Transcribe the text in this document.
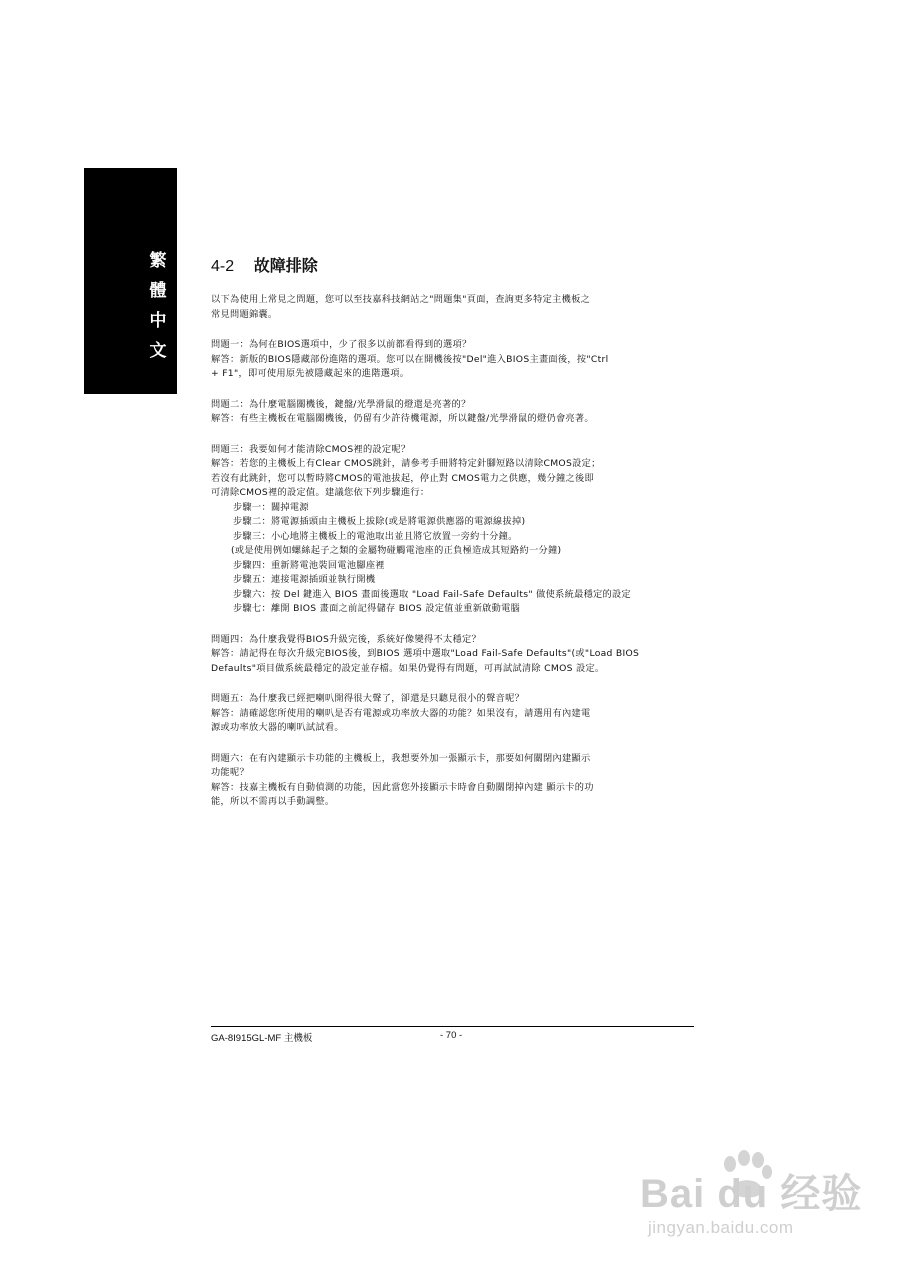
繁
體
中
文
4-2 故障排除

以下為使用上常見之問題，您可以至技嘉科技網站之"問題集"頁面，查詢更多特定主機板之

常見問題錦囊。

問題一：為何在BIOS選項中，少了很多以前都看得到的選項？

解答：新版的BIOS隱藏部份進階的選項。您可以在開機後按"Del"進入BIOS主畫面後，按"Ctrl

+ F1"，即可使用原先被隱藏起來的進階選項。

問題二：為什麼電腦關機後，鍵盤/光學滑鼠的燈還是亮著的？

解答：有些主機板在電腦關機後，仍留有少許待機電源，所以鍵盤/光學滑鼠的燈仍會亮著。

問題三：我要如何才能清除CMOS裡的設定呢？

解答：若您的主機板上有Clear CMOS跳針，請參考手冊將特定針腳短路以清除CMOS設定；

若沒有此跳針，您可以暫時將CMOS的電池拔起，停止對 CMOS電力之供應，幾分鐘之後即

可清除CMOS裡的設定值。建議您依下列步驟進行：

步驟一：關掉電源

步驟二：將電源插頭由主機板上拔除(或是將電源供應器的電源線拔掉)

步驟三：小心地將主機板上的電池取出並且將它放置一旁約十分鐘。

(或是使用例如螺絲起子之類的金屬物碰觸電池座的正負極造成其短路約一分鐘)

步驟四：重新將電池裝回電池腳座裡

步驟五：連接電源插頭並執行開機

步驟六：按 Del 鍵進入 BIOS 畫面後選取 "Load Fail-Safe Defaults" 做使系統最穩定的設定

步驟七：離開 BIOS 畫面之前記得儲存 BIOS 設定值並重新啟動電腦

問題四：為什麼我覺得BIOS升級完後，系統好像變得不太穩定？

解答：請記得在每次升級完BIOS後，到BIOS 選項中選取"Load Fail-Safe Defaults"(或"Load BIOS

Defaults"項目做系統最穩定的設定並存檔。如果仍覺得有問題，可再試試清除 CMOS 設定。

問題五：為什麼我已經把喇叭開得很大聲了，卻還是只聽見很小的聲音呢？

解答：請確認您所使用的喇叭是否有電源或功率放大器的功能？如果沒有，請選用有內建電

源或功率放大器的喇叭試試看。

問題六：在有內建顯示卡功能的主機板上，我想要外加一張顯示卡，那要如何關閉內建顯示

功能呢？

解答：技嘉主機板有自動偵測的功能，因此當您外接顯示卡時會自動關閉掉內建 顯示卡的功

能，所以不需再以手動調整。

GA-8I915GL-MF 主機板	- 70 -
Bai du 经验
jingyan.baidu.com
